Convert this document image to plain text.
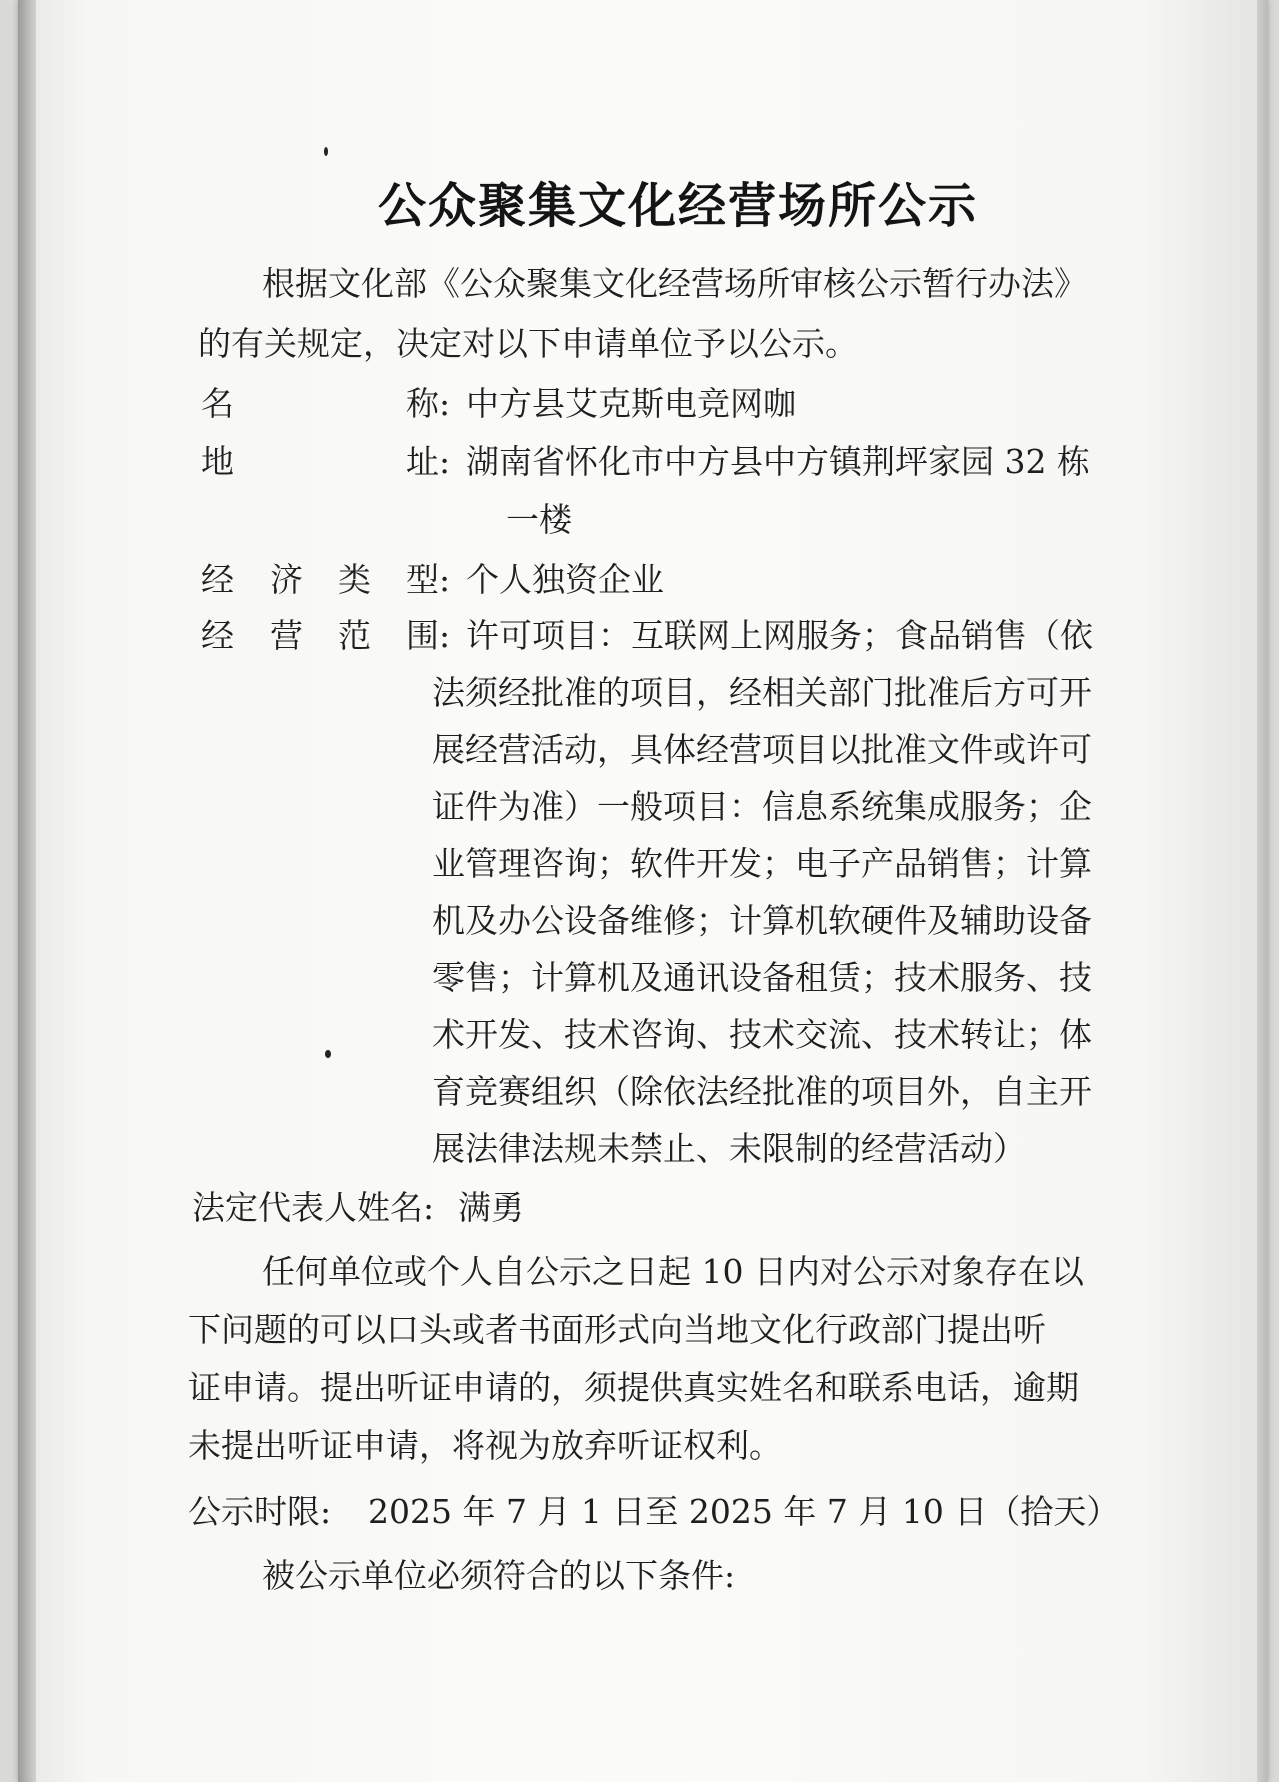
公众聚集文化经营场所公示
根据文化部《公众聚集文化经营场所审核公示暂行办法》
的有关规定，决定对以下申请单位予以公示。
名	称: 中方县艾克斯电竞网咖
地	址: 湖南省怀化市中方县中方镇荆坪家园 32 栋
一楼
经 济 类 型: 个人独资企业
经 营 范 围: 许可项目：互联网上网服务；食品销售（依
法须经批准的项目，经相关部门批准后方可开
展经营活动，具体经营项目以批准文件或许可
证件为准）一般项目：信息系统集成服务；企
业管理咨询；软件开发；电子产品销售；计算
机及办公设备维修；计算机软硬件及辅助设备
零售；计算机及通讯设备租赁；技术服务、技
术开发、技术咨询、技术交流、技术转让；体
育竞赛组织（除依法经批准的项目外，自主开
展法律法规未禁止、未限制的经营活动）
法定代表人姓名: 满勇
任何单位或个人自公示之日起 10 日内对公示对象存在以
下问题的可以口头或者书面形式向当地文化行政部门提出听
证申请。提出听证申请的，须提供真实姓名和联系电话，逾期
未提出听证申请，将视为放弃听证权利。
公示时限: 2025 年 7 月 1 日至 2025 年 7 月 10 日（拾天）
被公示单位必须符合的以下条件:
